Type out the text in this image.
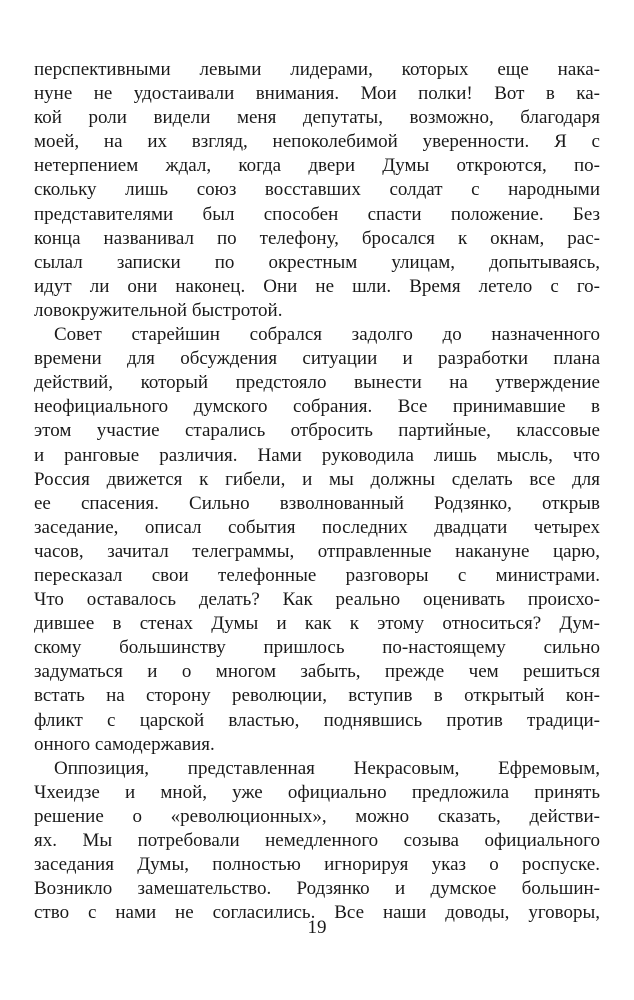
перспективными левыми лидерами, которых еще нака-
нуне не удостаивали внимания. Мои полки! Вот в ка-
кой роли видели меня депутаты, возможно, благодаря
моей, на их взгляд, непоколебимой уверенности. Я с
нетерпением ждал, когда двери Думы откроются, по-
скольку лишь союз восставших солдат с народными
представителями был способен спасти положение. Без
конца названивал по телефону, бросался к окнам, рас-
сылал записки по окрестным улицам, допытываясь,
идут ли они наконец. Они не шли. Время летело с го-
ловокружительной быстротой.
Совет старейшин собрался задолго до назначенного
времени для обсуждения ситуации и разработки плана
действий, который предстояло вынести на утверждение
неофициального думского собрания. Все принимавшие в
этом участие старались отбросить партийные, классовые
и ранговые различия. Нами руководила лишь мысль, что
Россия движется к гибели, и мы должны сделать все для
ее спасения. Сильно взволнованный Родзянко, открыв
заседание, описал события последних двадцати четырех
часов, зачитал телеграммы, отправленные накануне царю,
пересказал свои телефонные разговоры с министрами.
Что оставалось делать? Как реально оценивать происхо-
дившее в стенах Думы и как к этому относиться? Дум-
скому большинству пришлось по-настоящему сильно
задуматься и о многом забыть, прежде чем решиться
встать на сторону революции, вступив в открытый кон-
фликт с царской властью, поднявшись против традици-
онного самодержавия.
Оппозиция, представленная Некрасовым, Ефремовым,
Чхеидзе и мной, уже официально предложила принять
решение о «революционных», можно сказать, действи-
ях. Мы потребовали немедленного созыва официального
заседания Думы, полностью игнорируя указ о роспуске.
Возникло замешательство. Родзянко и думское большин-
ство с нами не согласились. Все наши доводы, уговоры,
19
